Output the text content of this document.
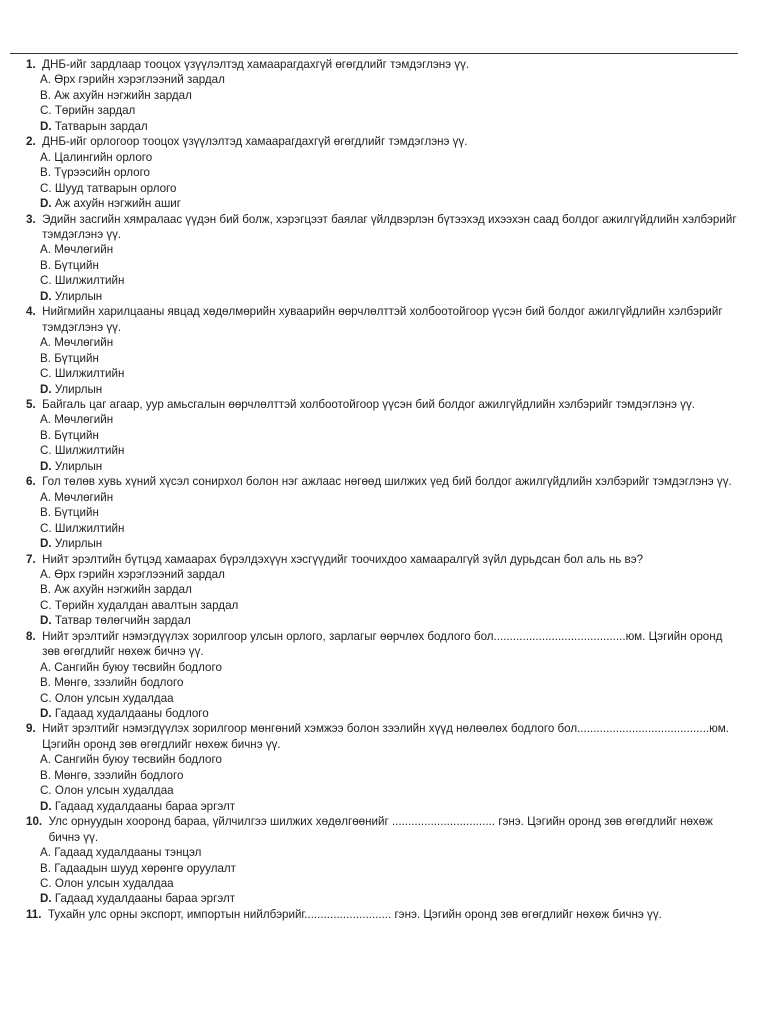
1.
ДНБ-ийг зардлаар тооцох үзүүлэлтэд хамаарагдахгүй өгөгдлийг тэмдэглэнэ үү.
A. Өрх гэрийн хэрэглээний зардал
B. Аж ахуйн нэгжийн зардал
C. Төрийн зардал
D. Татварын зардал
2.
ДНБ-ийг орлогоор тооцох үзүүлэлтэд хамаарагдахгүй өгөгдлийг тэмдэглэнэ үү.
A. Цалингийн орлого
B. Түрээсийн орлого
C. Шууд татварын орлого
D. Аж ахуйн нэгжийн ашиг
3.
Эдийн засгийн хямралаас үүдэн бий болж, хэрэгцээт баялаг үйлдвэрлэн бүтээхэд ихээхэн саад болдог ажилгүйдлийн хэлбэрийг тэмдэглэнэ үү.
A. Мөчлөгийн
B. Бүтцийн
C. Шилжилтийн
D. Улирлын
4.
Нийгмийн харилцааны явцад хөдөлмөрийн хуваарийн өөрчлөлттэй холбоотойгоор үүсэн бий болдог ажилгүйдлийн хэлбэрийг тэмдэглэнэ үү.
A. Мөчлөгийн
B. Бүтцийн
C. Шилжилтийн
D. Улирлын
5.
Байгаль цаг агаар, уур амьсгалын өөрчлөлттэй холбоотойгоор үүсэн бий болдог ажилгүйдлийн хэлбэрийг тэмдэглэнэ үү.
A. Мөчлөгийн
B. Бүтцийн
C. Шилжилтийн
D. Улирлын
6.
Гол төлөв хувь хүний хүсэл сонирхол болон нэг ажлаас нөгөөд шилжих үед бий болдог ажилгүйдлийн хэлбэрийг тэмдэглэнэ үү.
A. Мөчлөгийн
B. Бүтцийн
C. Шилжилтийн
D. Улирлын
7.
Нийт эрэлтийн бүтцэд хамаарах бүрэлдэхүүн хэсгүүдийг тоочихдоо хамааралгүй зүйл дурьдсан бол аль нь вэ?
A. Өрх гэрийн хэрэглээний зардал
B. Аж ахуйн нэгжийн зардал
C. Төрийн худалдан авалтын зардал
D. Татвар төлөгчийн зардал
8.
Нийт эрэлтийг нэмэгдүүлэх зорилгоор улсын орлого, зарлагыг өөрчлөх бодлого бол.........................................юм. Цэгийн оронд зөв өгөгдлийг нөхөж бичнэ үү.
A. Сангийн буюу төсвийн бодлого
B. Мөнгө, зээлийн бодлого
C. Олон улсын худалдаа
D. Гадаад худалдааны бодлого
9.
Нийт эрэлтийг нэмэгдүүлэх зорилгоор мөнгөний хэмжээ болон зээлийн хүүд нөлөөлөх бодлого бол.........................................юм. Цэгийн оронд зөв өгөгдлийг нөхөж бичнэ үү.
A. Сангийн буюу төсвийн бодлого
B. Мөнгө, зээлийн бодлого
C. Олон улсын худалдаа
D. Гадаад худалдааны бараа эргэлт
10.
Улс орнуудын хооронд бараа, үйлчилгээ шилжих хөдөлгөөнийг ................................ гэнэ. Цэгийн оронд зөв өгөгдлийг нөхөж бичнэ үү.
A. Гадаад худалдааны тэнцэл
B. Гадаадын шууд хөрөнгө оруулалт
C. Олон улсын худалдаа
D. Гадаад худалдааны бараа эргэлт
11.
Тухайн улс орны экспорт, импортын нийлбэрийг........................... гэнэ. Цэгийн оронд зөв өгөгдлийг нөхөж бичнэ үү.
